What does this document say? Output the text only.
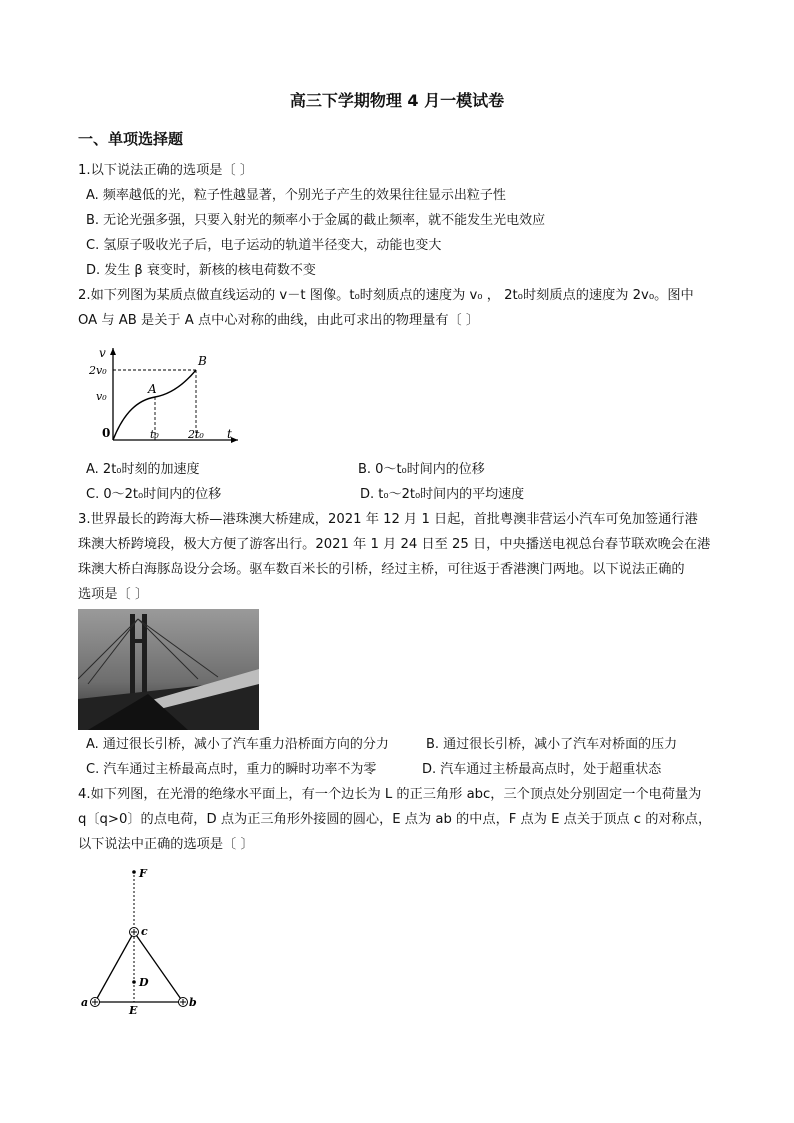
高三下学期物理 4 月一模试卷
一、单项选择题
1.以下说法正确的选项是〔 〕
A. 频率越低的光，粒子性越显著，个别光子产生的效果往往显示出粒子性
B. 无论光强多强，只要入射光的频率小于金属的截止频率，就不能发生光电效应
C. 氢原子吸收光子后，电子运动的轨道半径变大，动能也变大
D. 发生 β 衰变时，新核的核电荷数不变
2.如下列图为某质点做直线运动的 v－t 图像。t₀时刻质点的速度为 v₀ ， 2t₀时刻质点的速度为 2v₀。图中
OA 与 AB 是关于 A 点中心对称的曲线，由此可求出的物理量有〔 〕
v
t
0
2v₀
v₀
t₀	2t₀
A
B
A. 2t₀时刻的加速度	B. 0～t₀时间内的位移
C. 0～2t₀时间内的位移	D. t₀～2t₀时间内的平均速度
3.世界最长的跨海大桥—港珠澳大桥建成，2021 年 12 月 1 日起，首批粤澳非营运小汽车可免加签通行港
珠澳大桥跨境段，极大方便了游客出行。2021 年 1 月 24 日至 25 日，中央播送电视总台春节联欢晚会在港
珠澳大桥白海豚岛设分会场。驱车数百米长的引桥，经过主桥，可往返于香港澳门两地。以下说法正确的
选项是〔 〕
A. 通过很长引桥，减小了汽车重力沿桥面方向的分力	B. 通过很长引桥，减小了汽车对桥面的压力
C. 汽车通过主桥最高点时，重力的瞬时功率不为零	D. 汽车通过主桥最高点时，处于超重状态
4.如下列图，在光滑的绝缘水平面上，有一个边长为 L 的正三角形 abc，三个顶点处分别固定一个电荷量为
q〔q>0〕的点电荷，D 点为正三角形外接圆的圆心，E 点为 ab 的中点，F 点为 E 点关于顶点 c 的对称点，
以下说法中正确的选项是〔 〕
F
c
D
a	b
E
